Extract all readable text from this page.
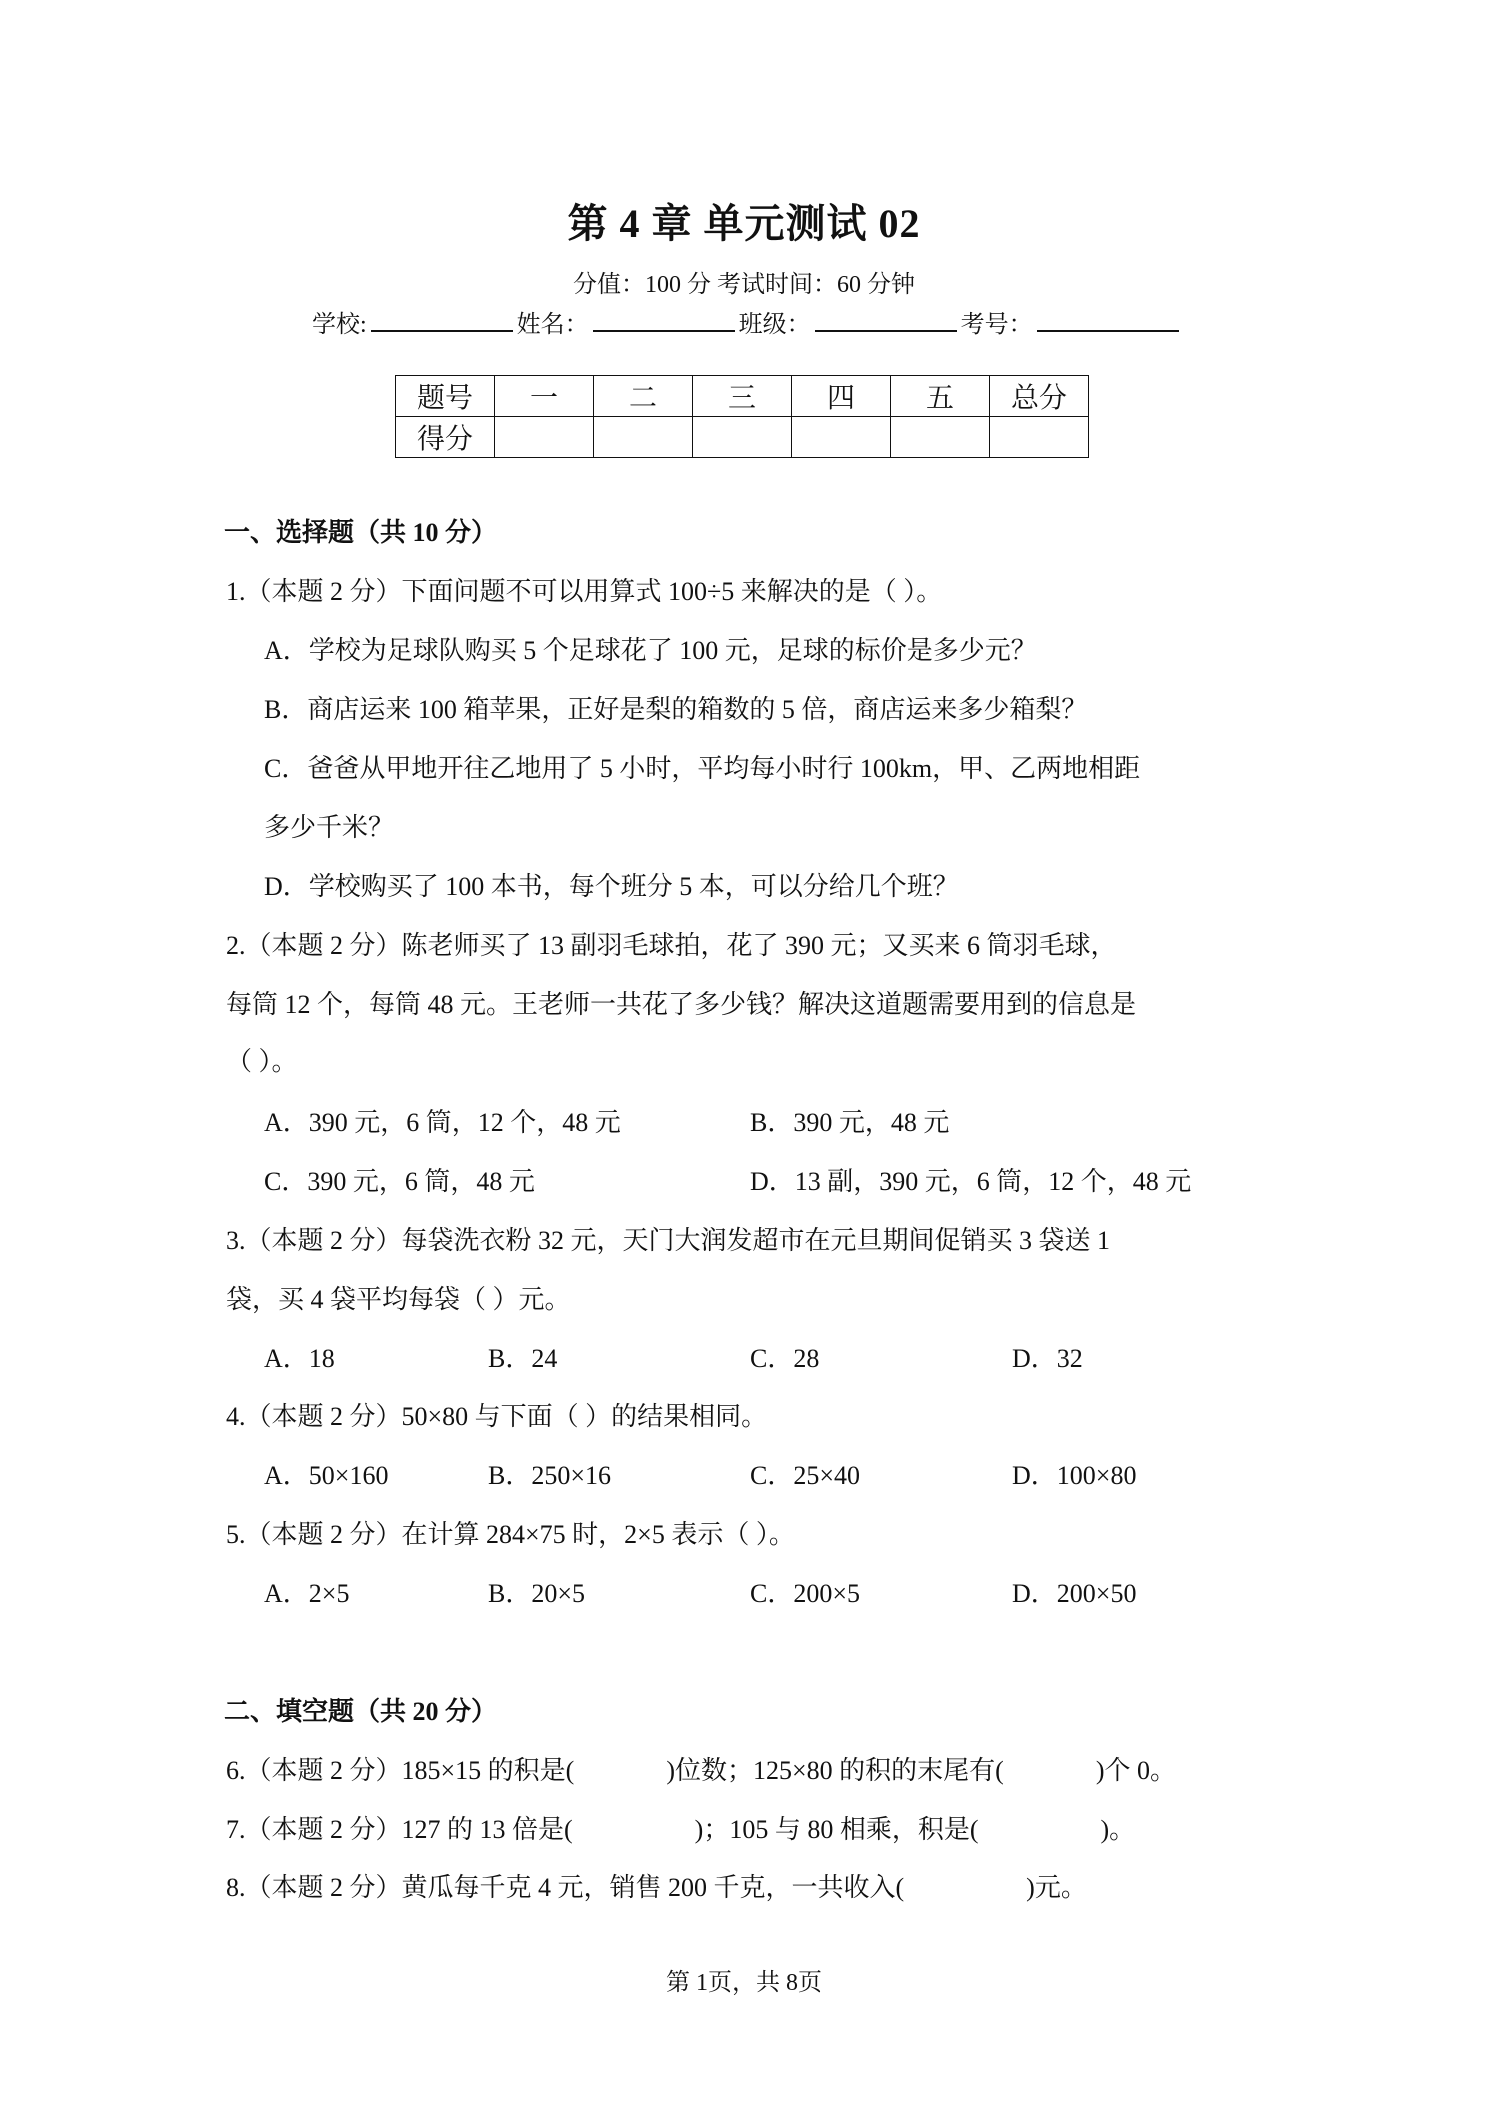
第 4 章 单元测试 02
分值：100 分 考试时间：60 分钟
学校:	姓名：	班级：	考号：
题号	一	二	三	四	五	总分
得分						
一、选择题（共 10 分）
1.（本题 2 分）下面问题不可以用算式 100÷5 来解决的是（ ）。
A．学校为足球队购买 5 个足球花了 100 元，足球的标价是多少元？
B．商店运来 100 箱苹果，正好是梨的箱数的 5 倍，商店运来多少箱梨？
C．爸爸从甲地开往乙地用了 5 小时，平均每小时行 100km，甲、乙两地相距
多少千米？
D．学校购买了 100 本书，每个班分 5 本，可以分给几个班？
2.（本题 2 分）陈老师买了 13 副羽毛球拍，花了 390 元；又买来 6 筒羽毛球，
每筒 12 个，每筒 48 元。王老师一共花了多少钱？解决这道题需要用到的信息是
（ ）。
A．390 元，6 筒，12 个，48 元	B．390 元，48 元
C．390 元，6 筒，48 元	D．13 副，390 元，6 筒，12 个，48 元
3.（本题 2 分）每袋洗衣粉 32 元，天门大润发超市在元旦期间促销买 3 袋送 1
袋，买 4 袋平均每袋（ ）元。
A．18	B．24	C．28	D．32
4.（本题 2 分）50×80 与下面（ ）的结果相同。
A．50×160	B．250×16	C．25×40	D．100×80
5.（本题 2 分）在计算 284×75 时，2×5 表示（ ）。
A．2×5	B．20×5	C．200×5	D．200×50
二、填空题（共 20 分）
6.（本题 2 分）185×15 的积是(	)位数；125×80 的积的末尾有(	)个 0。
7.（本题 2 分）127 的 13 倍是(	)；105 与 80 相乘，积是(	)。
8.（本题 2 分）黄瓜每千克 4 元，销售 200 千克，一共收入(	)元。
第 1页，共 8页
